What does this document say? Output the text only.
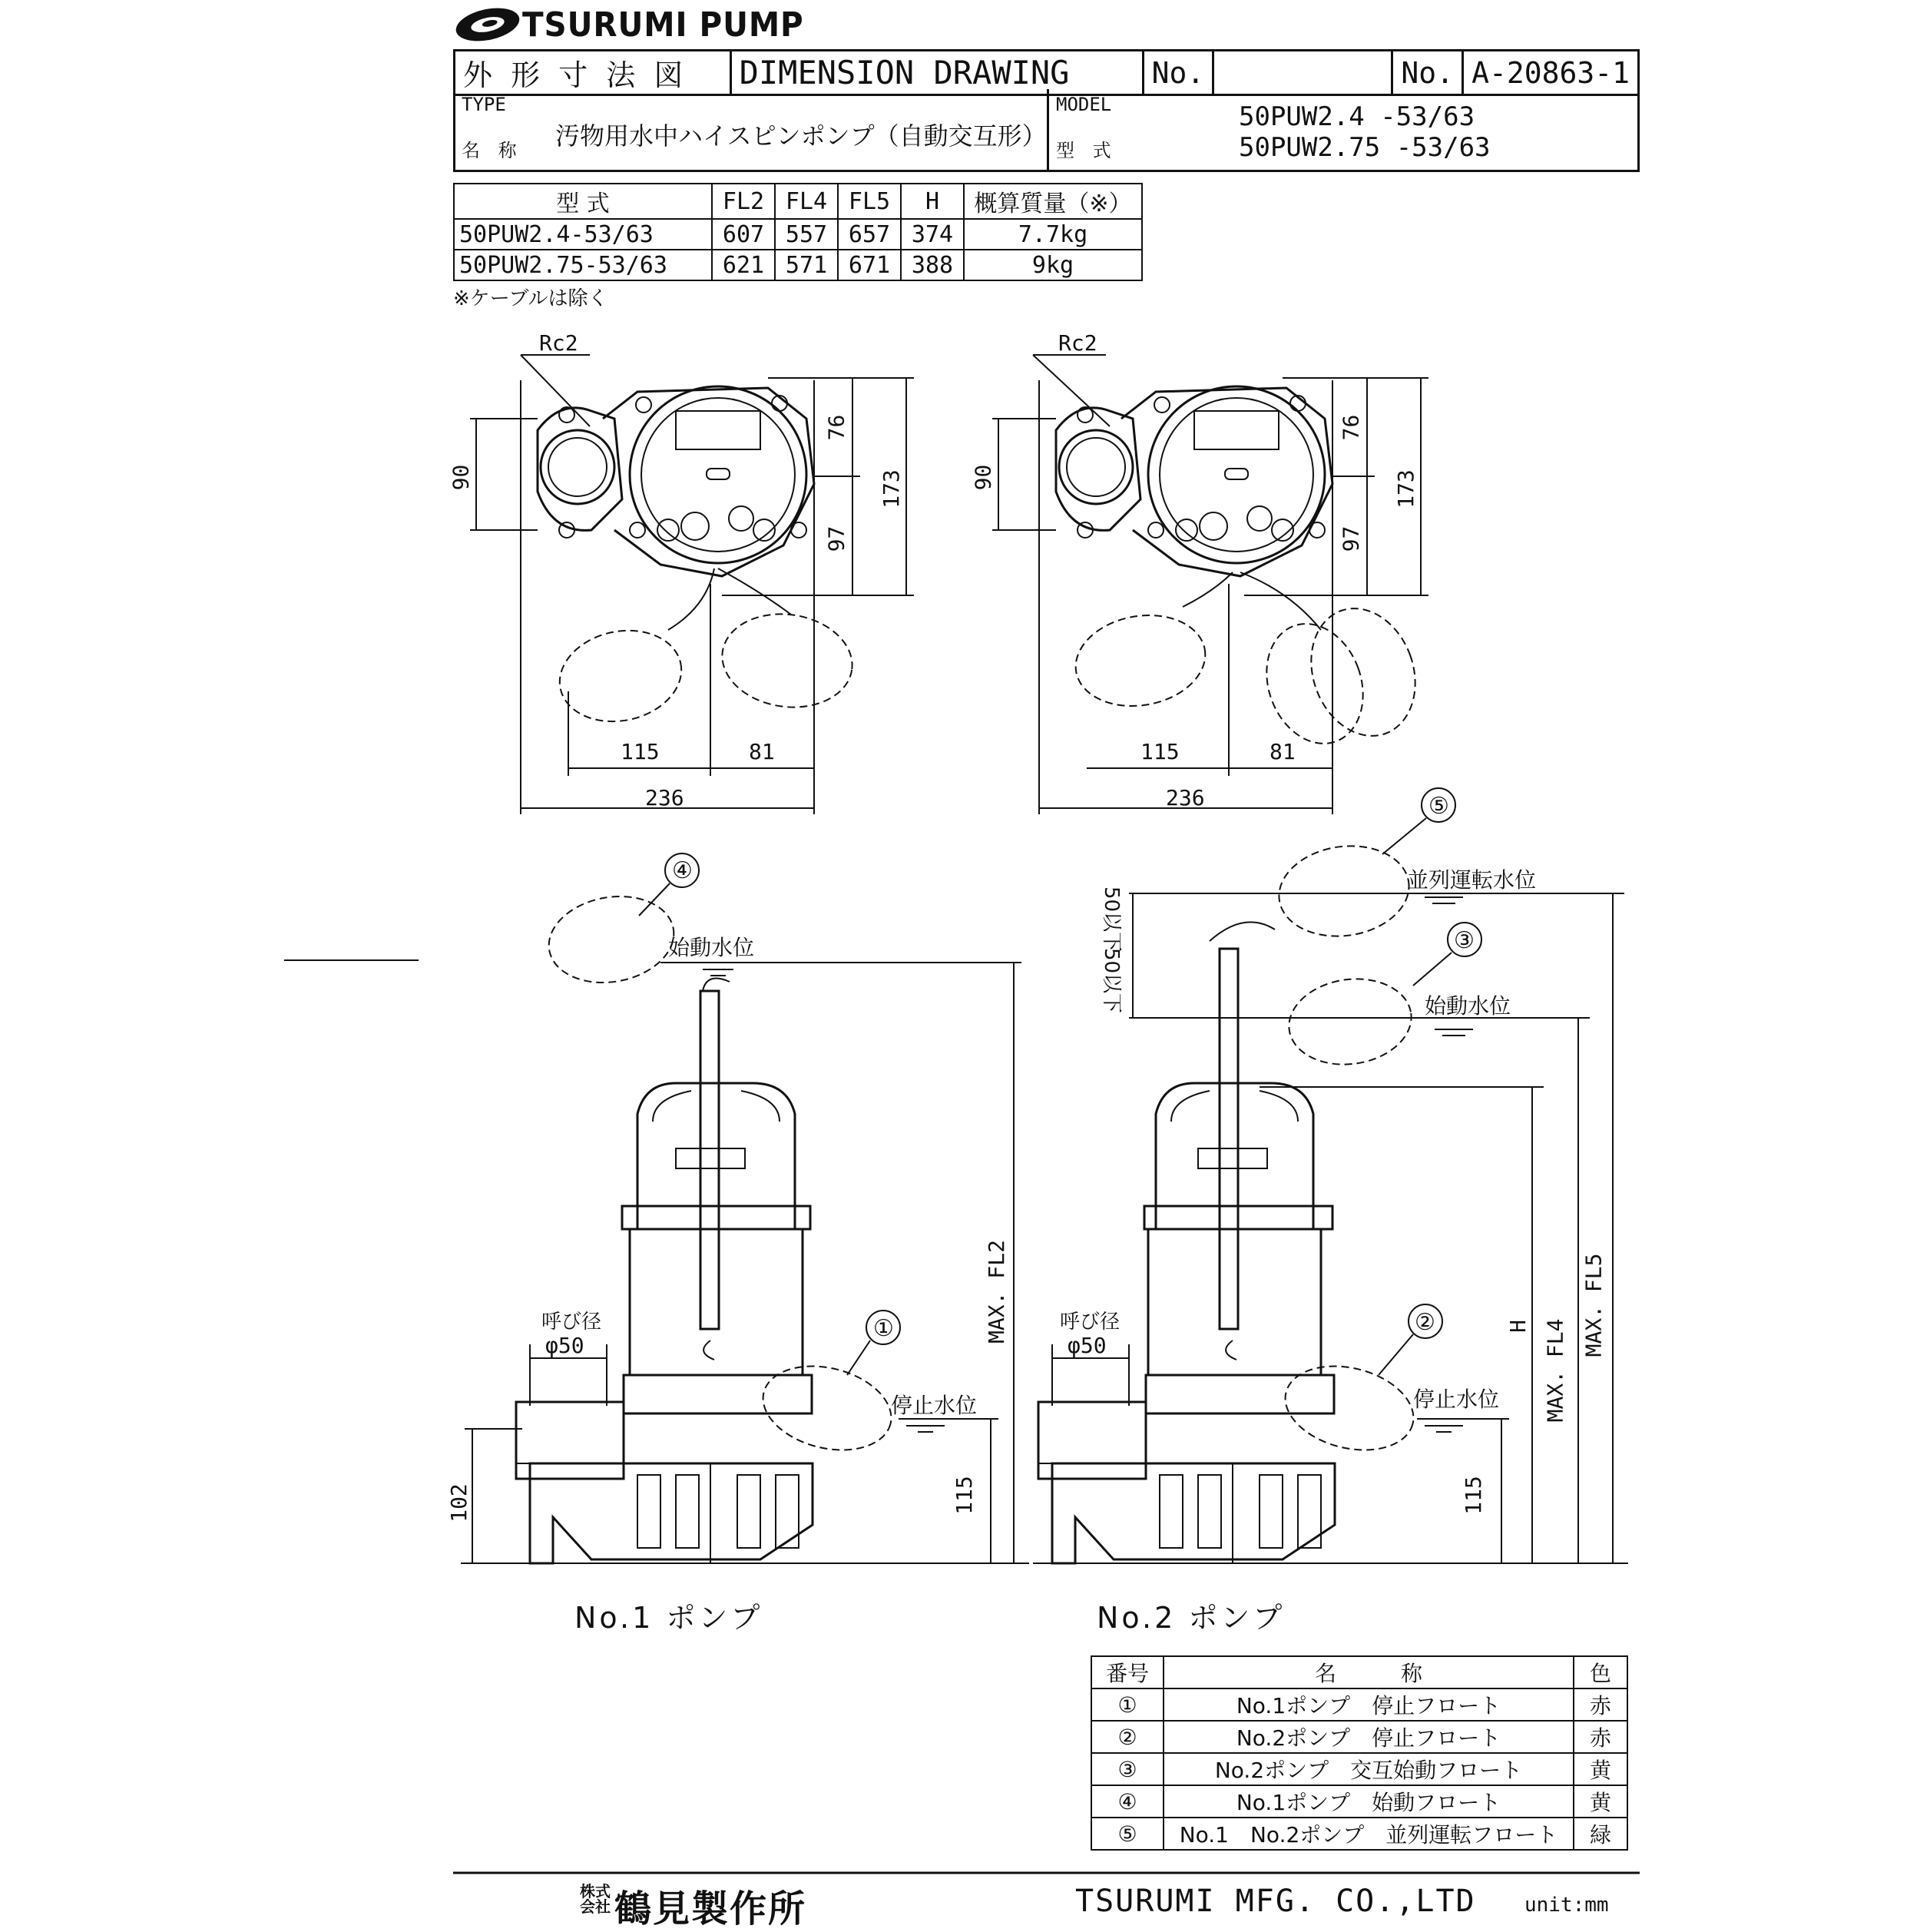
TSURUMI PUMP
外 形 寸 法 図	DIMENSION DRAWING	No.		No.	A-20863-1
TYPE
名 称 汚物用水中ハイスピンポンプ（自動交互形）
MODEL
型 式
50PUW2.4 -53/63
50PUW2.75 -53/63
型 式	FL2	FL4	FL5	H	概算質量（※）
50PUW2.4-53/63	607	557	657	374	7.7kg
50PUW2.75-53/63	621	571	671	388	9kg
※ケーブルは除く
Rc2	Rc2
90	90
76
97
173
76
97
173
115	81
236
115	81
236
④
始動水位
呼び径
φ50
①
停止水位
102	115
MAX. FL2
No.1 ポンプ
⑤
並列運転水位
③
始動水位
50以下
50以下
呼び径
φ50
②
停止水位
115
H MAX. FL4
MAX. FL5
No.2 ポンプ
番号	名　　　称	色
①	No.1ポンプ　停止フロート	赤
②	No.2ポンプ　停止フロート	赤
③	No.2ポンプ　交互始動フロート	黄
④	No.1ポンプ　始動フロート	黄
⑤	No.1　No.2ポンプ　並列運転フロート	緑
株式 会社 鶴見製作所	TSURUMI MFG. CO.,LTD unit:mm
